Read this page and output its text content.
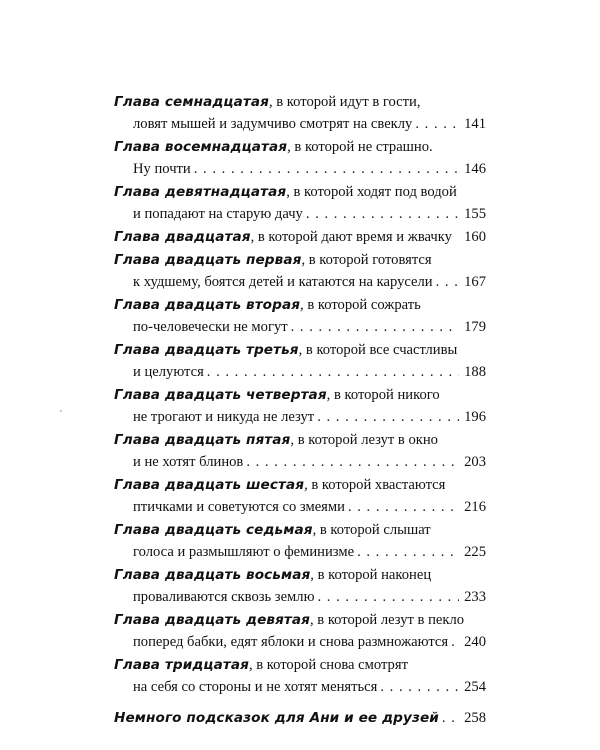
Глава семнадцатая , в которой идут в гости,
ловят мышей и задумчиво смотрят на свеклу . . .	141
Глава восемнадцатая , в которой не страшно.
Ну почти . . .	146
Глава девятнадцатая , в которой ходят под водой
и попадают на старую дачу . . .	155
Глава двадцатая , в которой дают время и жвачку 160
Глава двадцать первая , в которой готовятся
к худшему, боятся детей и катаются на карусели . . . 167
Глава двадцать вторая , в которой сожрать
по-человечески не могут . . .	179
Глава двадцать третья , в которой все счастливы
и целуются . . .	188
Глава двадцать четвертая , в которой никого
не трогают и никуда не лезут . . .	196
Глава двадцать пятая , в которой лезут в окно
и не хотят блинов . . .	203
Глава двадцать шестая , в которой хвастаются
птичками и советуются со змеями . . .	216
Глава двадцать седьмая , в которой слышат
голоса и размышляют о феминизме . . .	225
Глава двадцать восьмая , в которой наконец
проваливаются сквозь землю . . .	233
Глава двадцать девятая , в которой лезут в пекло
поперед бабки, едят яблоки и снова размножаются . . . 240
Глава тридцатая , в которой снова смотрят
на себя со стороны и не хотят меняться . . .	254
Немного подсказок для Ани и ее друзей . . . 258
